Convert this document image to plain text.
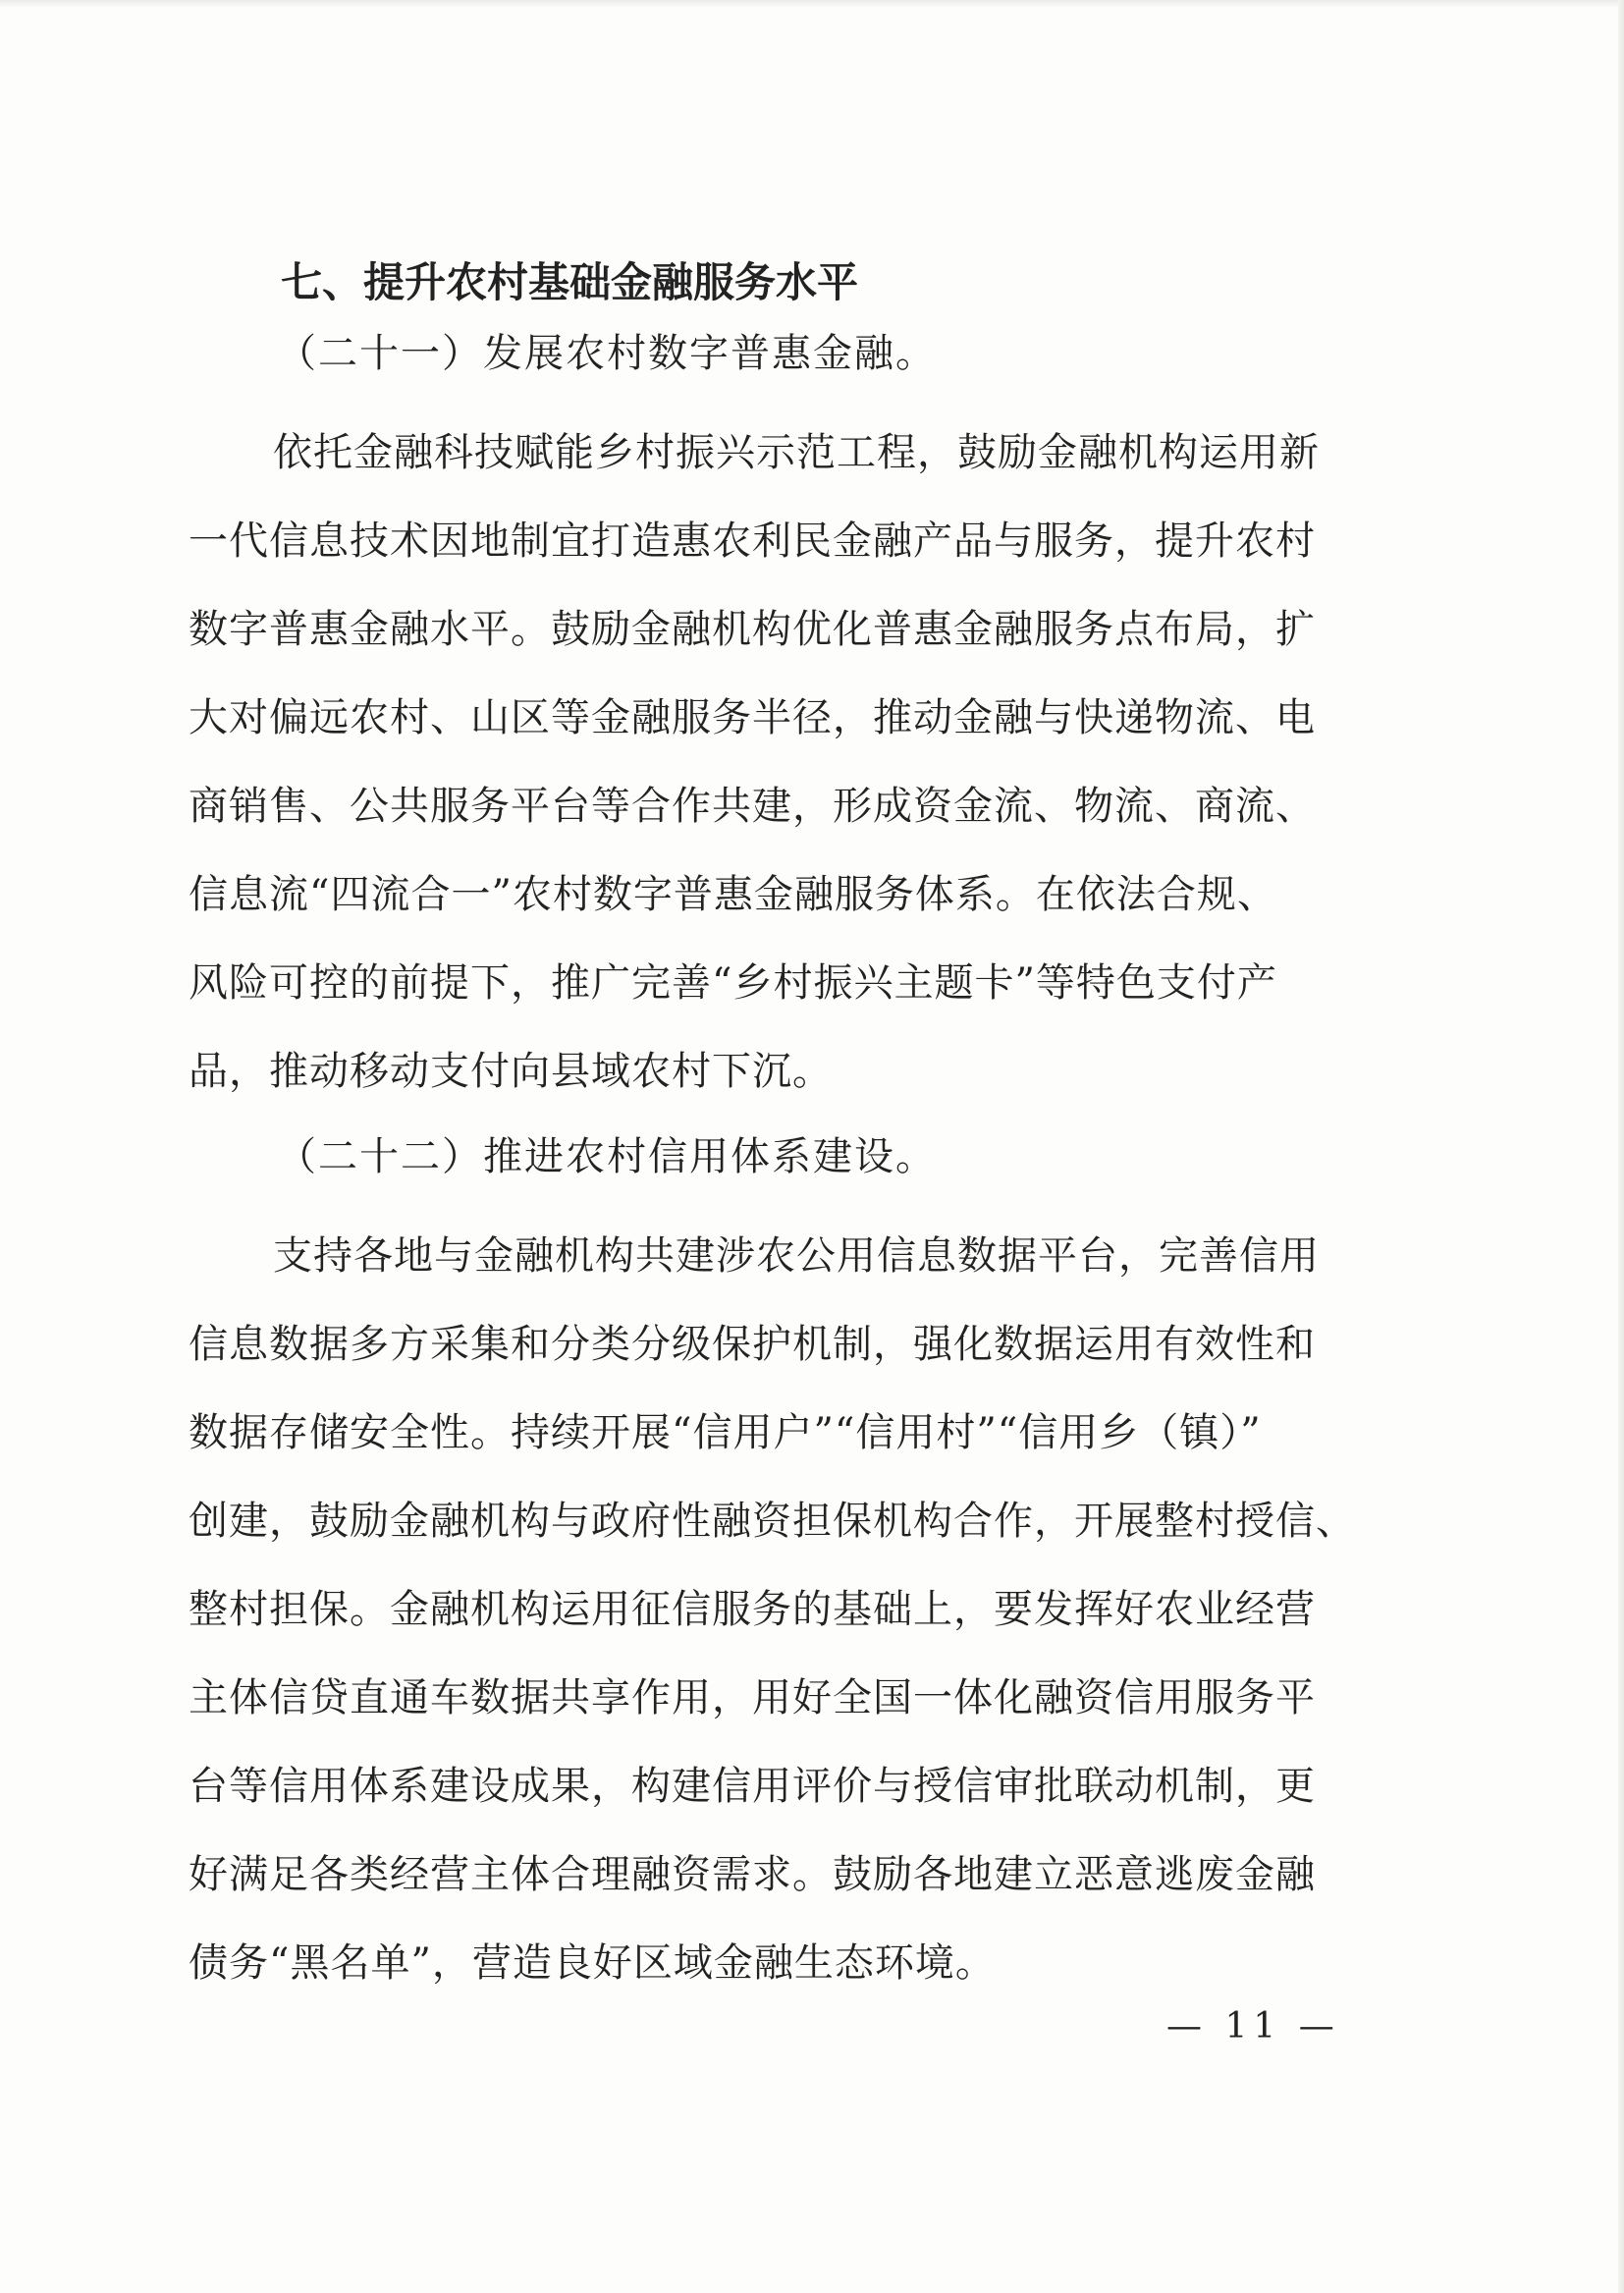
七、提升农村基础金融服务水平
（二十一）发展农村数字普惠金融。
依托金融科技赋能乡村振兴示范工程，鼓励金融机构运用新
一代信息技术因地制宜打造惠农利民金融产品与服务，提升农村
数字普惠金融水平。鼓励金融机构优化普惠金融服务点布局，扩
大对偏远农村、山区等金融服务半径，推动金融与快递物流、电
商销售、公共服务平台等合作共建，形成资金流、物流、商流、
信息流“四流合一”农村数字普惠金融服务体系。在依法合规、
风险可控的前提下，推广完善“乡村振兴主题卡”等特色支付产
品，推动移动支付向县域农村下沉。
（二十二）推进农村信用体系建设。
支持各地与金融机构共建涉农公用信息数据平台，完善信用
信息数据多方采集和分类分级保护机制，强化数据运用有效性和
数据存储安全性。持续开展“信用户”“信用村”“信用乡（镇）”
创建，鼓励金融机构与政府性融资担保机构合作，开展整村授信、
整村担保。金融机构运用征信服务的基础上，要发挥好农业经营
主体信贷直通车数据共享作用，用好全国一体化融资信用服务平
台等信用体系建设成果，构建信用评价与授信审批联动机制，更
好满足各类经营主体合理融资需求。鼓励各地建立恶意逃废金融
债务“黑名单”，营造良好区域金融生态环境。
— 11 —
